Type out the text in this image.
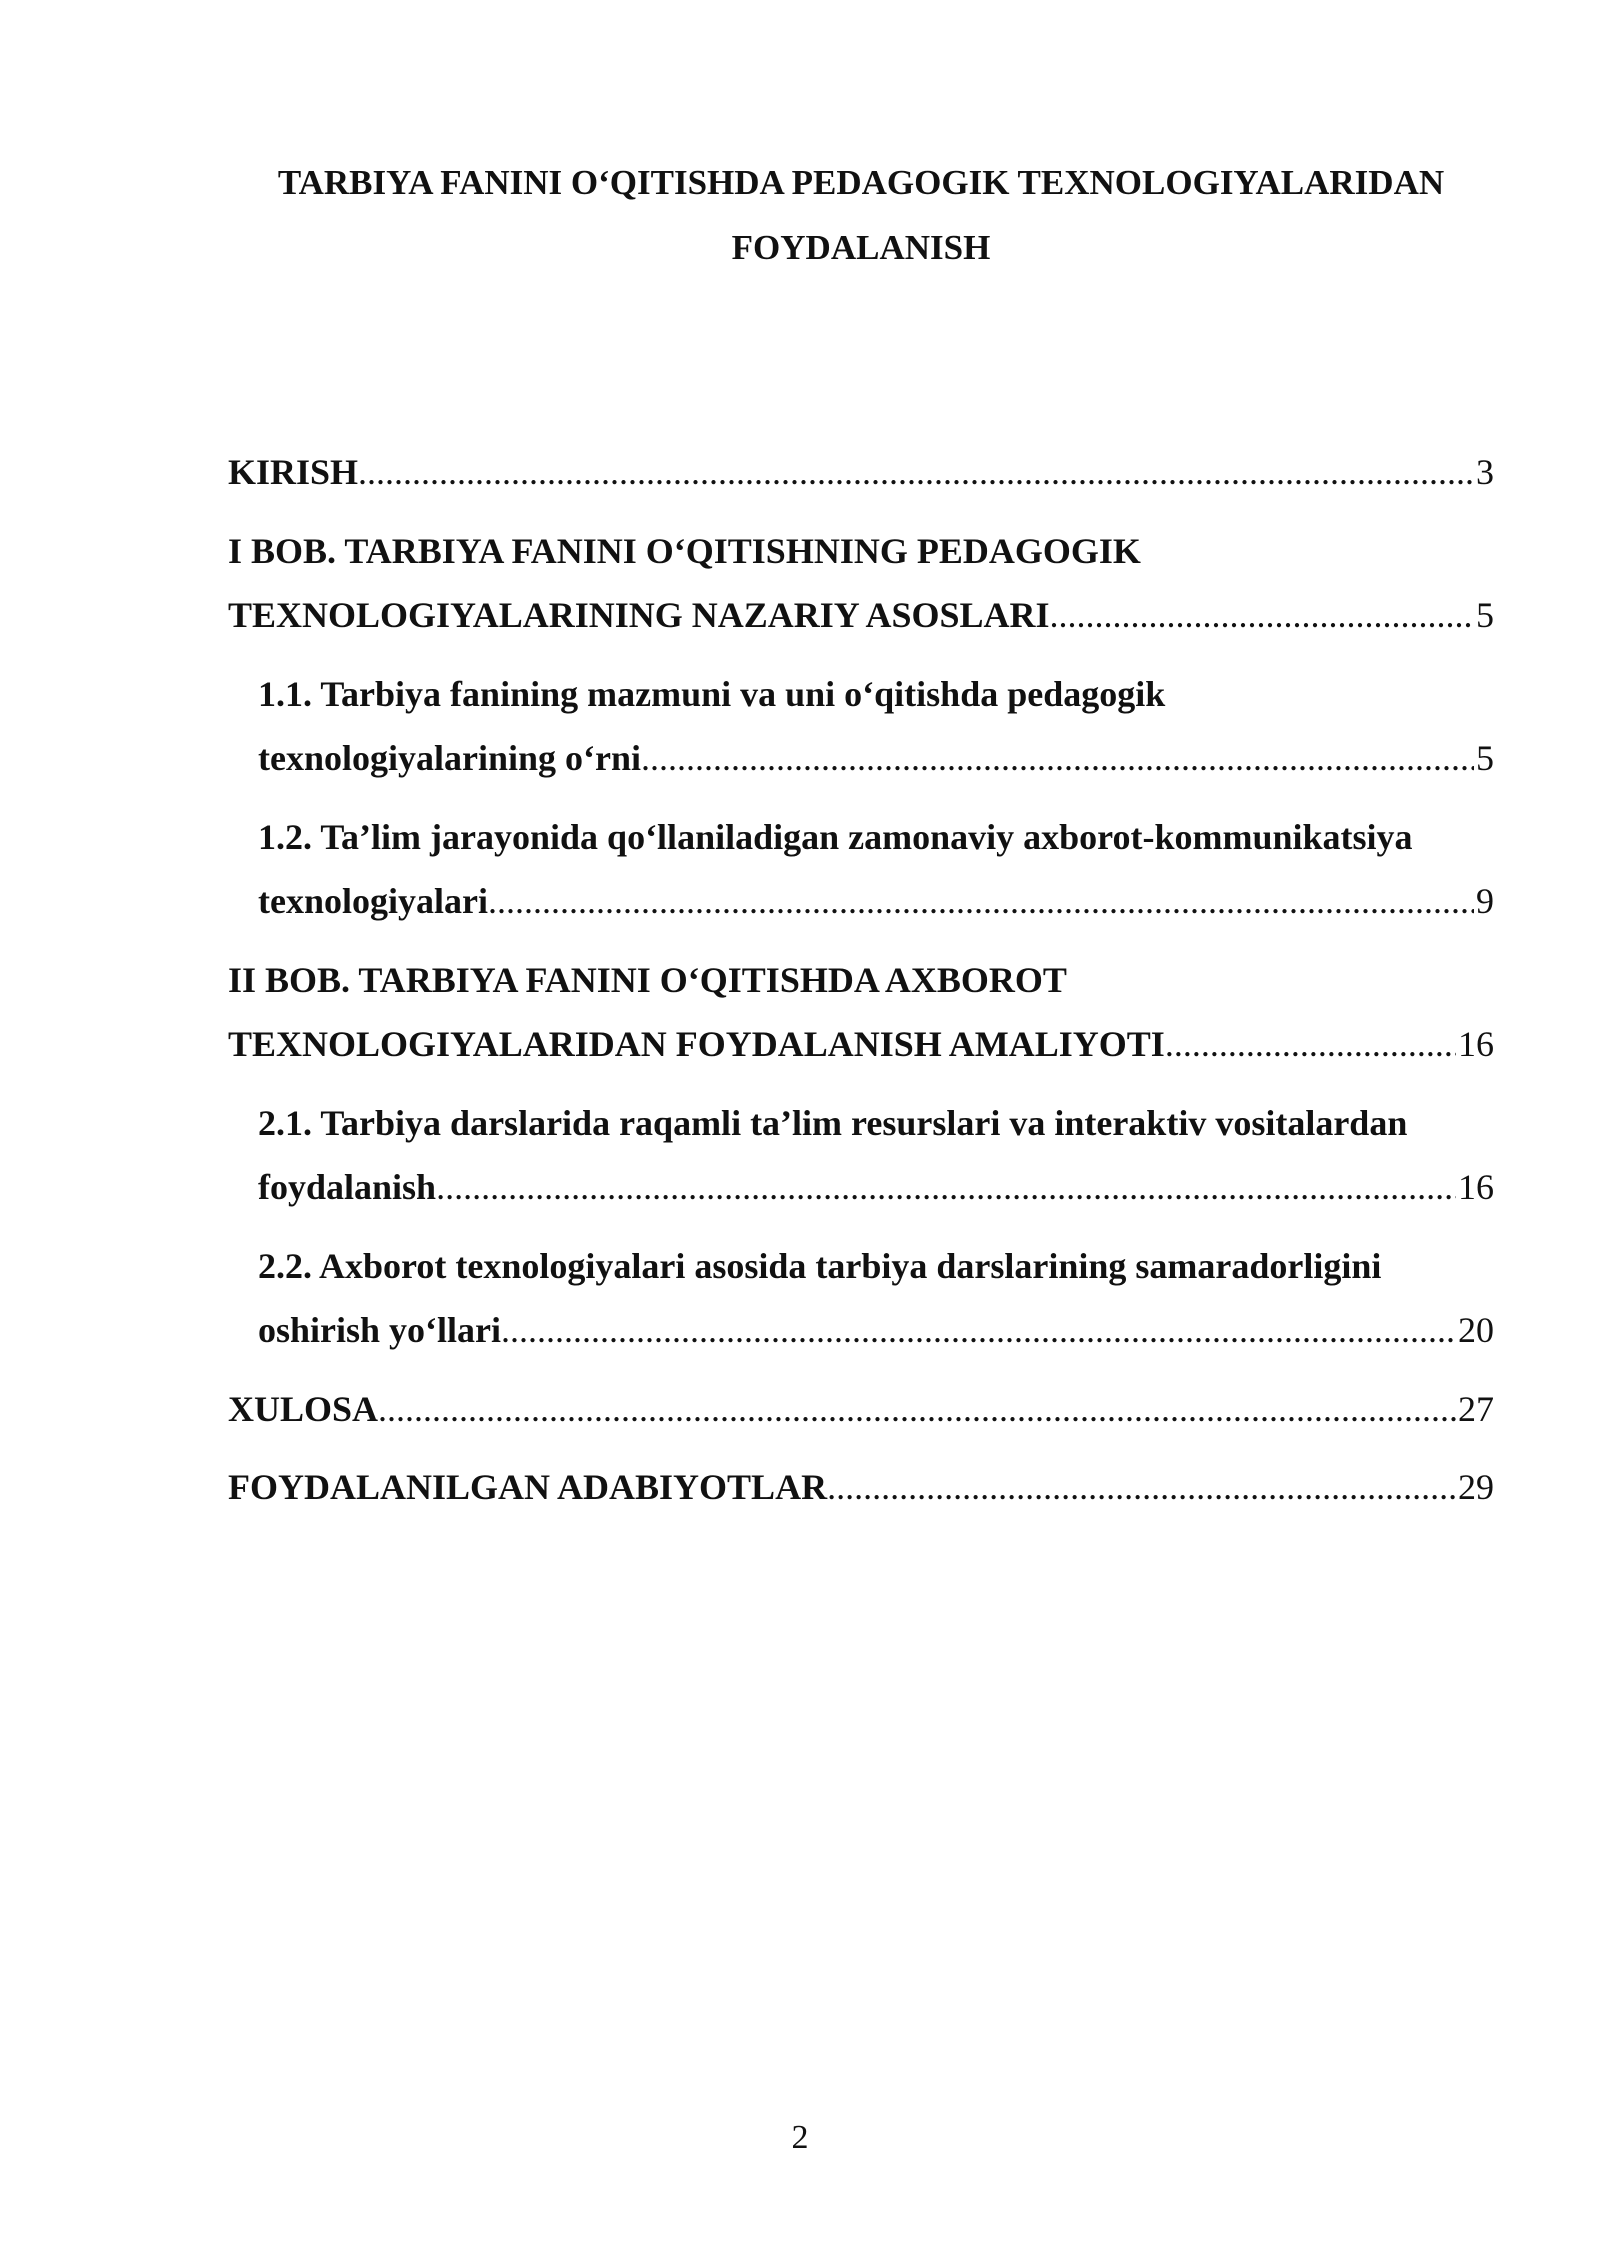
TARBIYA FANINI O‘QITISHDA PEDAGOGIK TEXNOLOGIYALARIDAN
FOYDALANISH
KIRISH .....	3
I BOB. TARBIYA FANINI O‘QITISHNING PEDAGOGIK
TEXNOLOGIYALARINING NAZARIY ASOSLARI .....	5
1.1. Tarbiya fanining mazmuni va uni o‘qitishda pedagogik
texnologiyalarining o‘rni .....	5
1.2. Ta’lim jarayonida qo‘llaniladigan zamonaviy axborot-kommunikatsiya
texnologiyalari .....	9
II BOB. TARBIYA FANINI O‘QITISHDA AXBOROT
TEXNOLOGIYALARIDAN FOYDALANISH AMALIYOTI .....	16
2.1. Tarbiya darslarida raqamli ta’lim resurslari va interaktiv vositalardan
foydalanish .....	16
2.2. Axborot texnologiyalari asosida tarbiya darslarining samaradorligini
oshirish yo‘llari .....	20
XULOSA .....	27
FOYDALANILGAN ADABIYOTLAR .....	29
2
